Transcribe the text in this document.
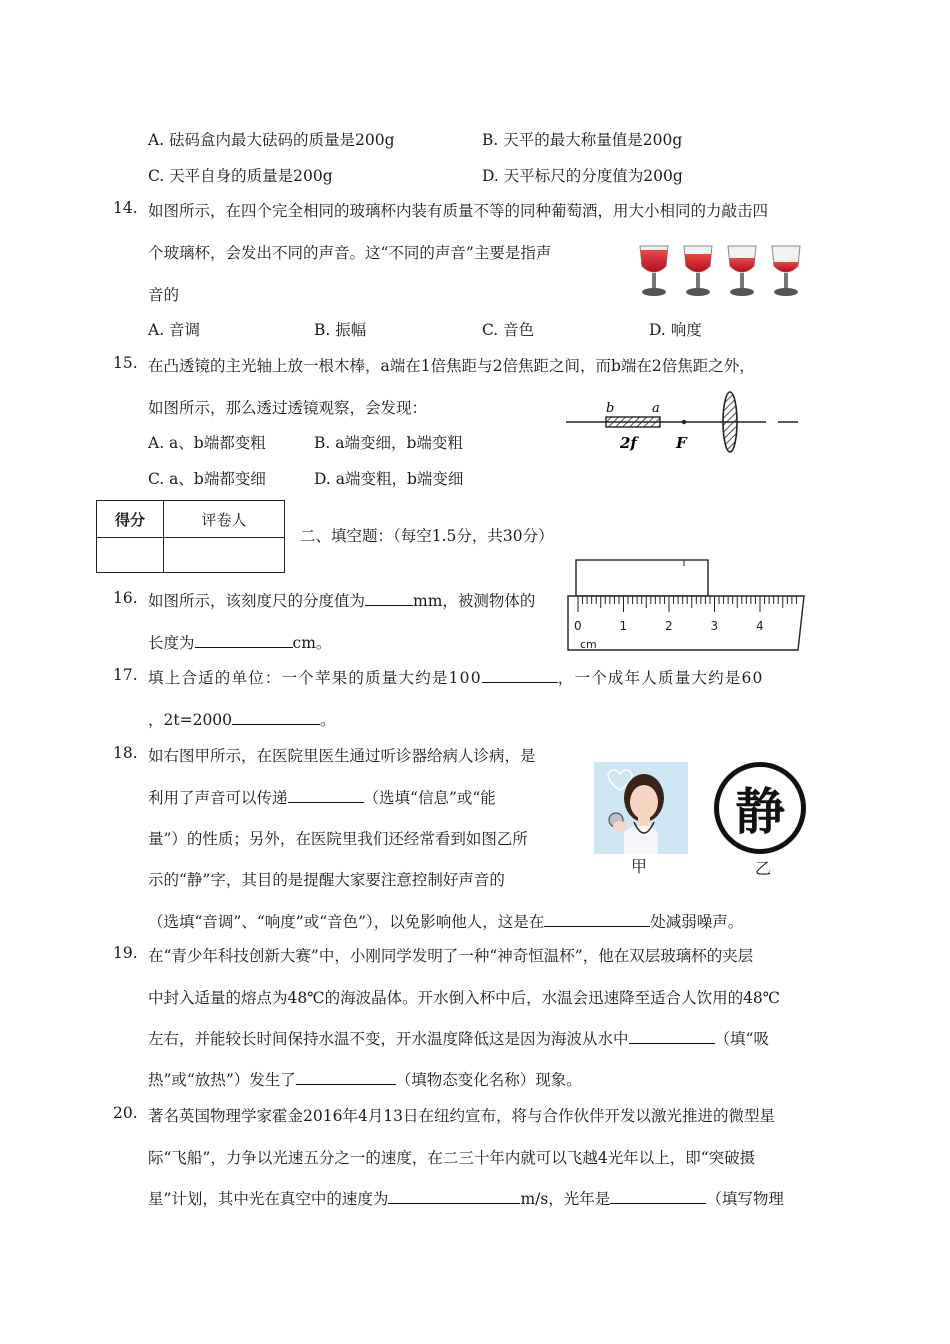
A. 砝码盒内最大砝码的质量是200g	B. 天平的最大称量值是200g
C. 天平自身的质量是200g	D. 天平标尺的分度值为200g
14. 如图所示，在四个完全相同的玻璃杯内装有质量不等的同种葡萄酒，用大小相同的力敲击四
个玻璃杯，会发出不同的声音。这“不同的声音”主要是指声
音的
A. 音调	B. 振幅	C. 音色	D. 响度
15. 在凸透镜的主光轴上放一根木棒，a端在1倍焦距与2倍焦距之间，而b端在2倍焦距之外，
如图所示，那么透过透镜观察，会发现：
A. a、b端都变粗	B. a端变细，b端变粗
C. a、b端都变细	D. a端变粗，b端变细
b	a
2f	F
得分	评卷人

二、填空题：（每空1.5分，共30分）
0	1	2	3	4
cm
16. 如图所示，该刻度尺的分度值为	mm，被测物体的
长度为	cm。
17. 填上合适的单位：一个苹果的质量大约是100	，一个成年人质量大约是60
，2t=2000	。
18. 如右图甲所示，在医院里医生通过听诊器给病人诊病，是
利用了声音可以传递	（选填“信息”或“能
量”）的性质；另外，在医院里我们还经常看到如图乙所
示的“静”字，其目的是提醒大家要注意控制好声音的
（选填“音调”、“响度”或“音色”），以免影响他人，这是在	处减弱噪声。
甲
静
乙
19. 在“青少年科技创新大赛”中，小刚同学发明了一种“神奇恒温杯”，他在双层玻璃杯的夹层
中封入适量的熔点为48℃的海波晶体。开水倒入杯中后，水温会迅速降至适合人饮用的48℃
左右，并能较长时间保持水温不变，开水温度降低这是因为海波从水中	（填“吸
热”或“放热”）发生了	（填物态变化名称）现象。
20. 著名英国物理学家霍金2016年4月13日在纽约宣布，将与合作伙伴开发以激光推进的微型星
际“飞船”，力争以光速五分之一的速度，在二三十年内就可以飞越4光年以上，即“突破摄
星”计划，其中光在真空中的速度为	m/s，光年是	（填写物理
